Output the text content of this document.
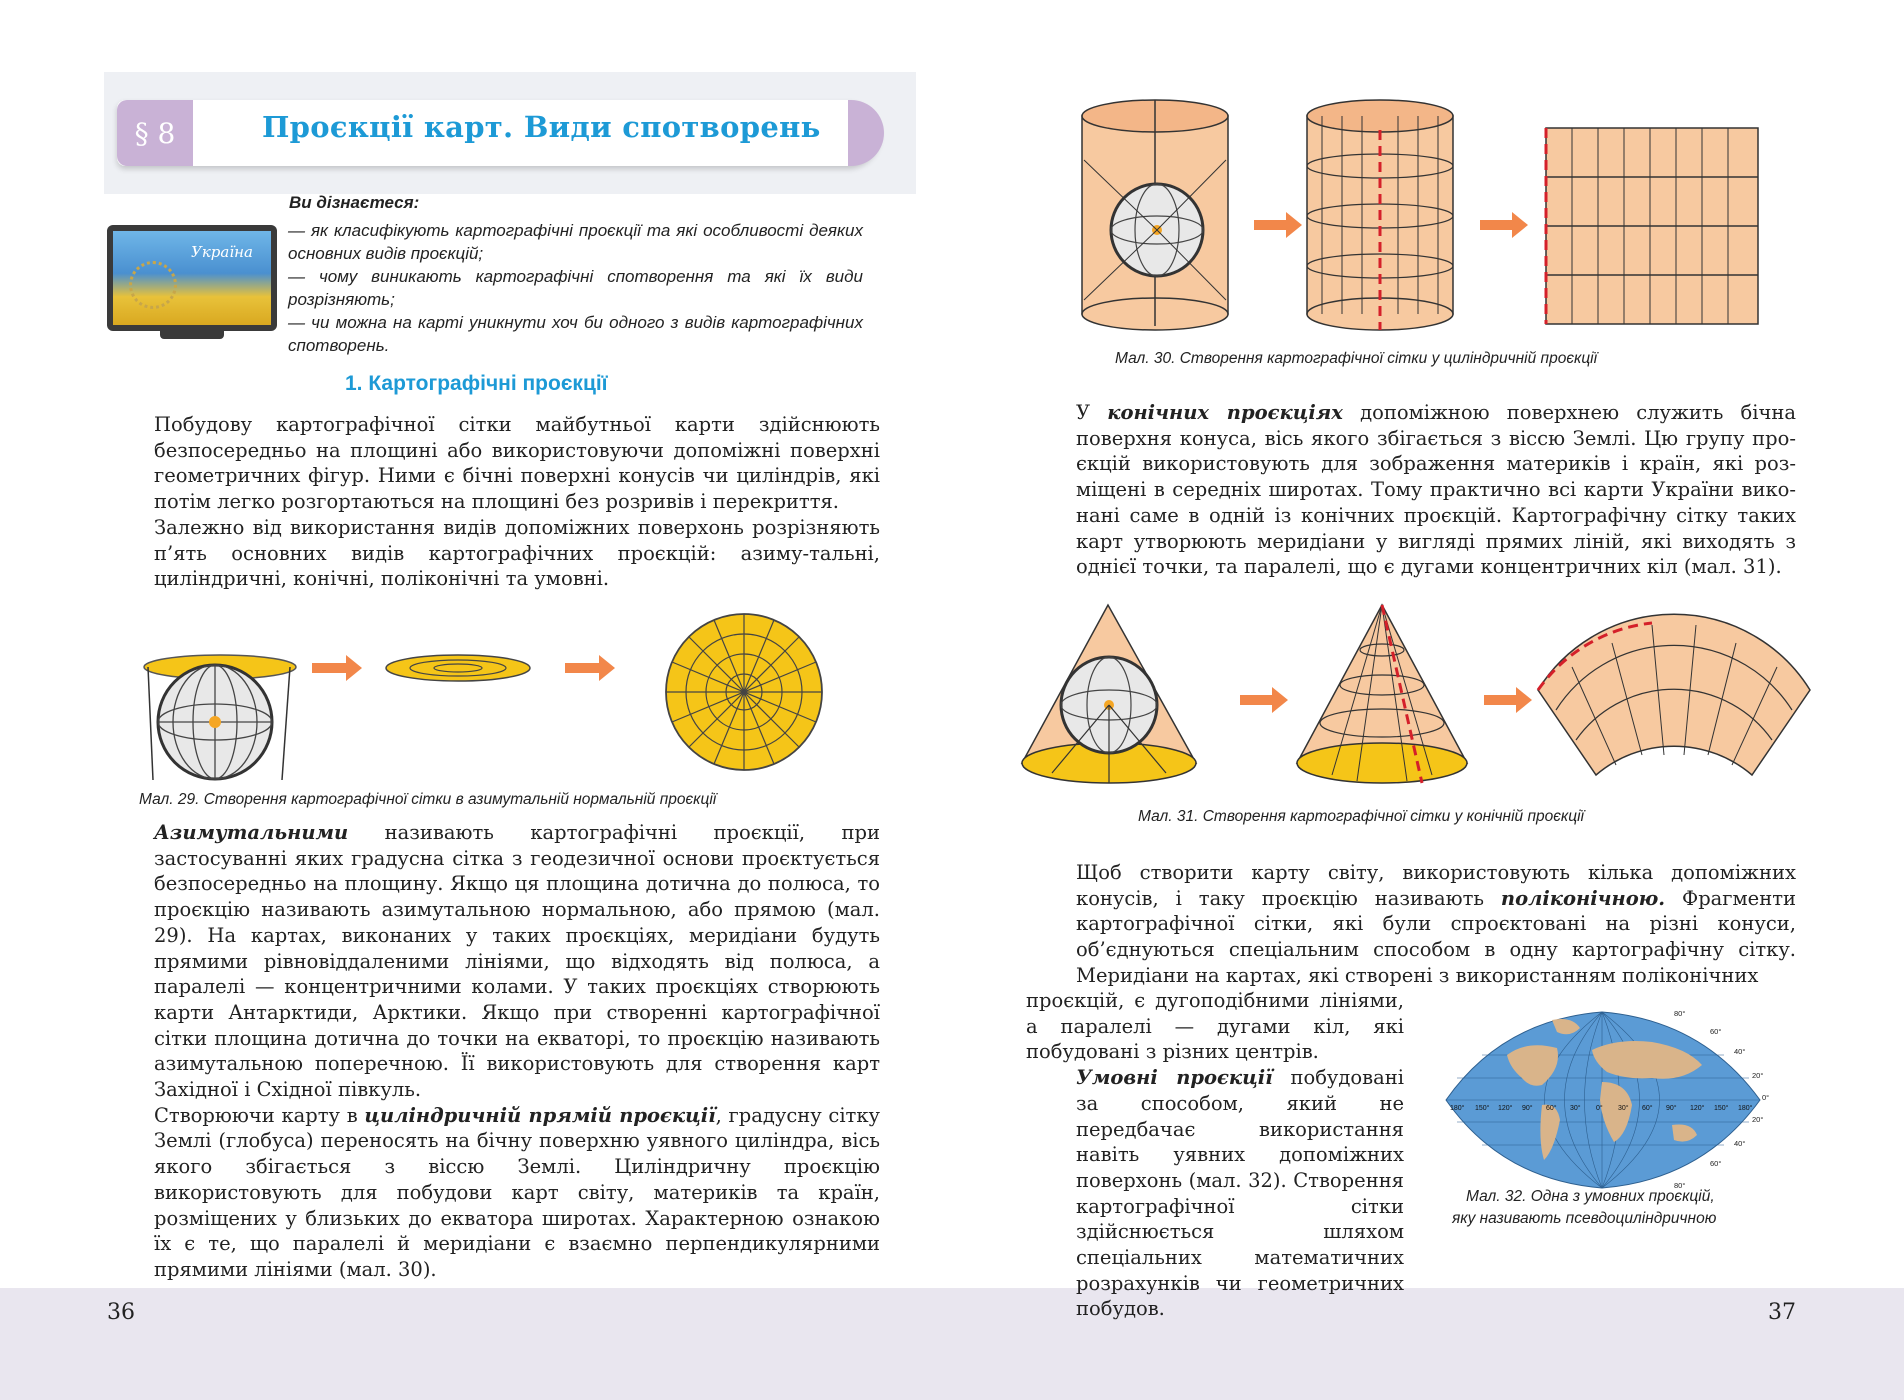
§ 8	Проєкції карт. Види спотворень
Україна
Ви дізнаєтеся:
— як класифікують картографічні проєкції та які особливості деяких основних видів проєкцій;
— чому виникають картографічні спотворення та які їх види розрізняють;
— чи можна на карті уникнути хоч би одного з видів картографічних спотворень.
1. Картографічні проєкції

Побудову картографічної сітки майбутньої карти здійснюють безпосередньо на площині або використовуючи допоміжні поверхні геометричних фігур. Ними є бічні поверхні конусів чи циліндрів, які потім легко розгортаються на площині без розривів і перекриття.

Залежно від використання видів допоміжних поверхонь розрізняють п’ять основних видів картографічних проєкцій: азиму-тальні, циліндричні, конічні, поліконічні та умовні.

Мал. 29. Створення картографічної сітки в азимутальній нормальній проєкції

Азимутальними називають картографічні проєкції, при застосуванні яких градусна сітка з геодезичної основи проєктується безпосередньо на площину. Якщо ця площина дотична до полюса, то проєкцію називають азимутальною нормальною, або прямою (мал. 29). На картах, виконаних у таких проєкціях, меридіани будуть прямими рівновіддаленими лініями, що відходять від полюса, а паралелі — концентричними колами. У таких проєкціях створюють карти Антарктиди, Арктики. Якщо при створенні картографічної сітки площина дотична до точки на екваторі, то проєкцію називають азимутальною поперечною. Її використовують для створення карт Західної і Східної півкуль.

Створюючи карту в циліндричній прямій проєкції, градусну сітку Землі (глобуса) переносять на бічну поверхню уявного циліндра, вісь якого збігається з віссю Землі. Циліндричну проєкцію використовують для побудови карт світу, материків та країн, розміщених у близьких до екватора широтах. Характерною ознакою їх є те, що паралелі й меридіани є взаємно перпендикулярними прямими лініями (мал. 30).

36
Мал. 30. Створення картографічної сітки у циліндричній проєкції

У конічних проєкціях допоміжною поверхнею служить бічна поверхня конуса, вісь якого збігається з віссю Землі. Цю групу про-єкцій використовують для зображення материків і країн, які роз-міщені в середніх широтах. Тому практично всі карти України вико-нані саме в одній із конічних проєкцій. Картографічну сітку таких карт утворюють меридіани у вигляді прямих ліній, які виходять з однієї точки, та паралелі, що є дугами концентричних кіл (мал. 31).

Мал. 31. Створення картографічної сітки у конічній проєкції

Щоб створити карту світу, використовують кілька допоміжних конусів, і таку проєкцію називають поліконічною. Фрагменти картографічної сітки, які були спроєктовані на різні конуси, об’єднуються спеціальним способом в одну картографічну сітку. Меридіани на картах, які створені з використанням поліконічних

проєкцій, є дугоподібними лініями, а паралелі — дугами кіл, які побудовані з різних центрів.

Умовні проєкції побудовані за способом, який не передбачає використання навіть уявних допоміжних поверхонь (мал. 32). Створення картографічної сітки здійснюється шляхом спеціальних математичних розрахунків чи геометричних побудов.

80°
60°
40°
20°
0°
20°
40°
60°
80°
180° 150° 120° 90° 60° 30° 0° 30° 60° 90° 120° 150° 180°
Мал. 32. Одна з умовних проєкцій,
яку називають псевдоциліндричною
37
